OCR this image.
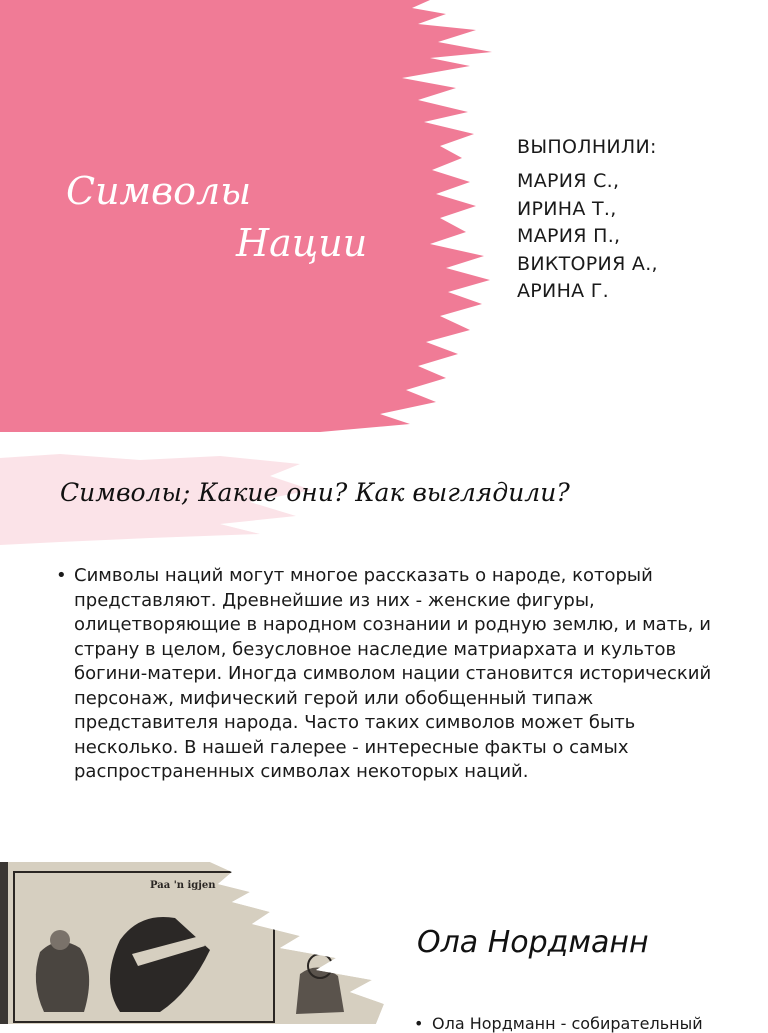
Символы
Нации
ВЫПОЛНИЛИ:
МАРИЯ С.,
ИРИНА Т.,
МАРИЯ П.,
ВИКТОРИЯ А.,
АРИНА Г.
Символы; Какие они? Как выглядили?
• Символы наций могут многое рассказать о народе, который представляют. Древнейшие из них - женские фигуры, олицетворяющие в народном сознании и родную землю, и мать, и страну в целом, безусловное наследие матриархата и культов богини-матери. Иногда символом нации становится исторический персонаж, мифический герой или обобщенный типаж представителя народа. Часто таких символов может быть несколько. В нашей галерее - интересные факты о самых распространенных символах некоторых наций.

Paa 'n igjen
Ола Нордманн
• Ола Нордманн - собирательный
